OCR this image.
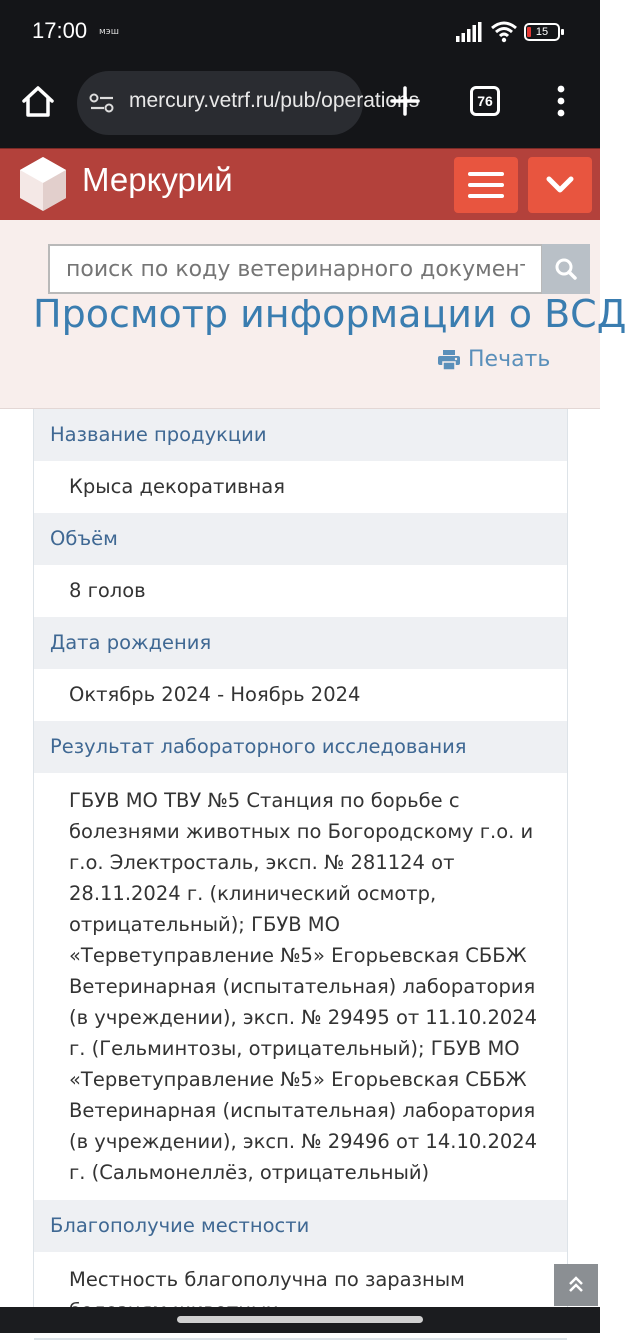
17:00 мэш	15
mercury.vetrf.ru/pub/operations	76
Меркурий
поиск по коду ветеринарного документа
Просмотр информации о ВСД
Печать
Название продукции
Крыса декоративная
Объём
8 голов
Дата рождения
Октябрь 2024 - Ноябрь 2024
Результат лабораторного исследования
ГБУВ МО ТВУ №5 Станция по борьбе с болезнями животных по Богородскому г.о. и г.о. Электросталь, эксп. № 281124 от 28.11.2024 г. (клинический осмотр, отрицательный); ГБУВ МО «Терветуправление №5» Егорьевская СББЖ Ветеринарная (испытательная) лаборатория (в учреждении), эксп. № 29495 от 11.10.2024 г. (Гельминтозы, отрицательный); ГБУВ МО «Терветуправление №5» Егорьевская СББЖ Ветеринарная (испытательная) лаборатория (в учреждении), эксп. № 29496 от 14.10.2024 г. (Сальмонеллёз, отрицательный)
Благополучие местности
Местность благополучна по заразным
